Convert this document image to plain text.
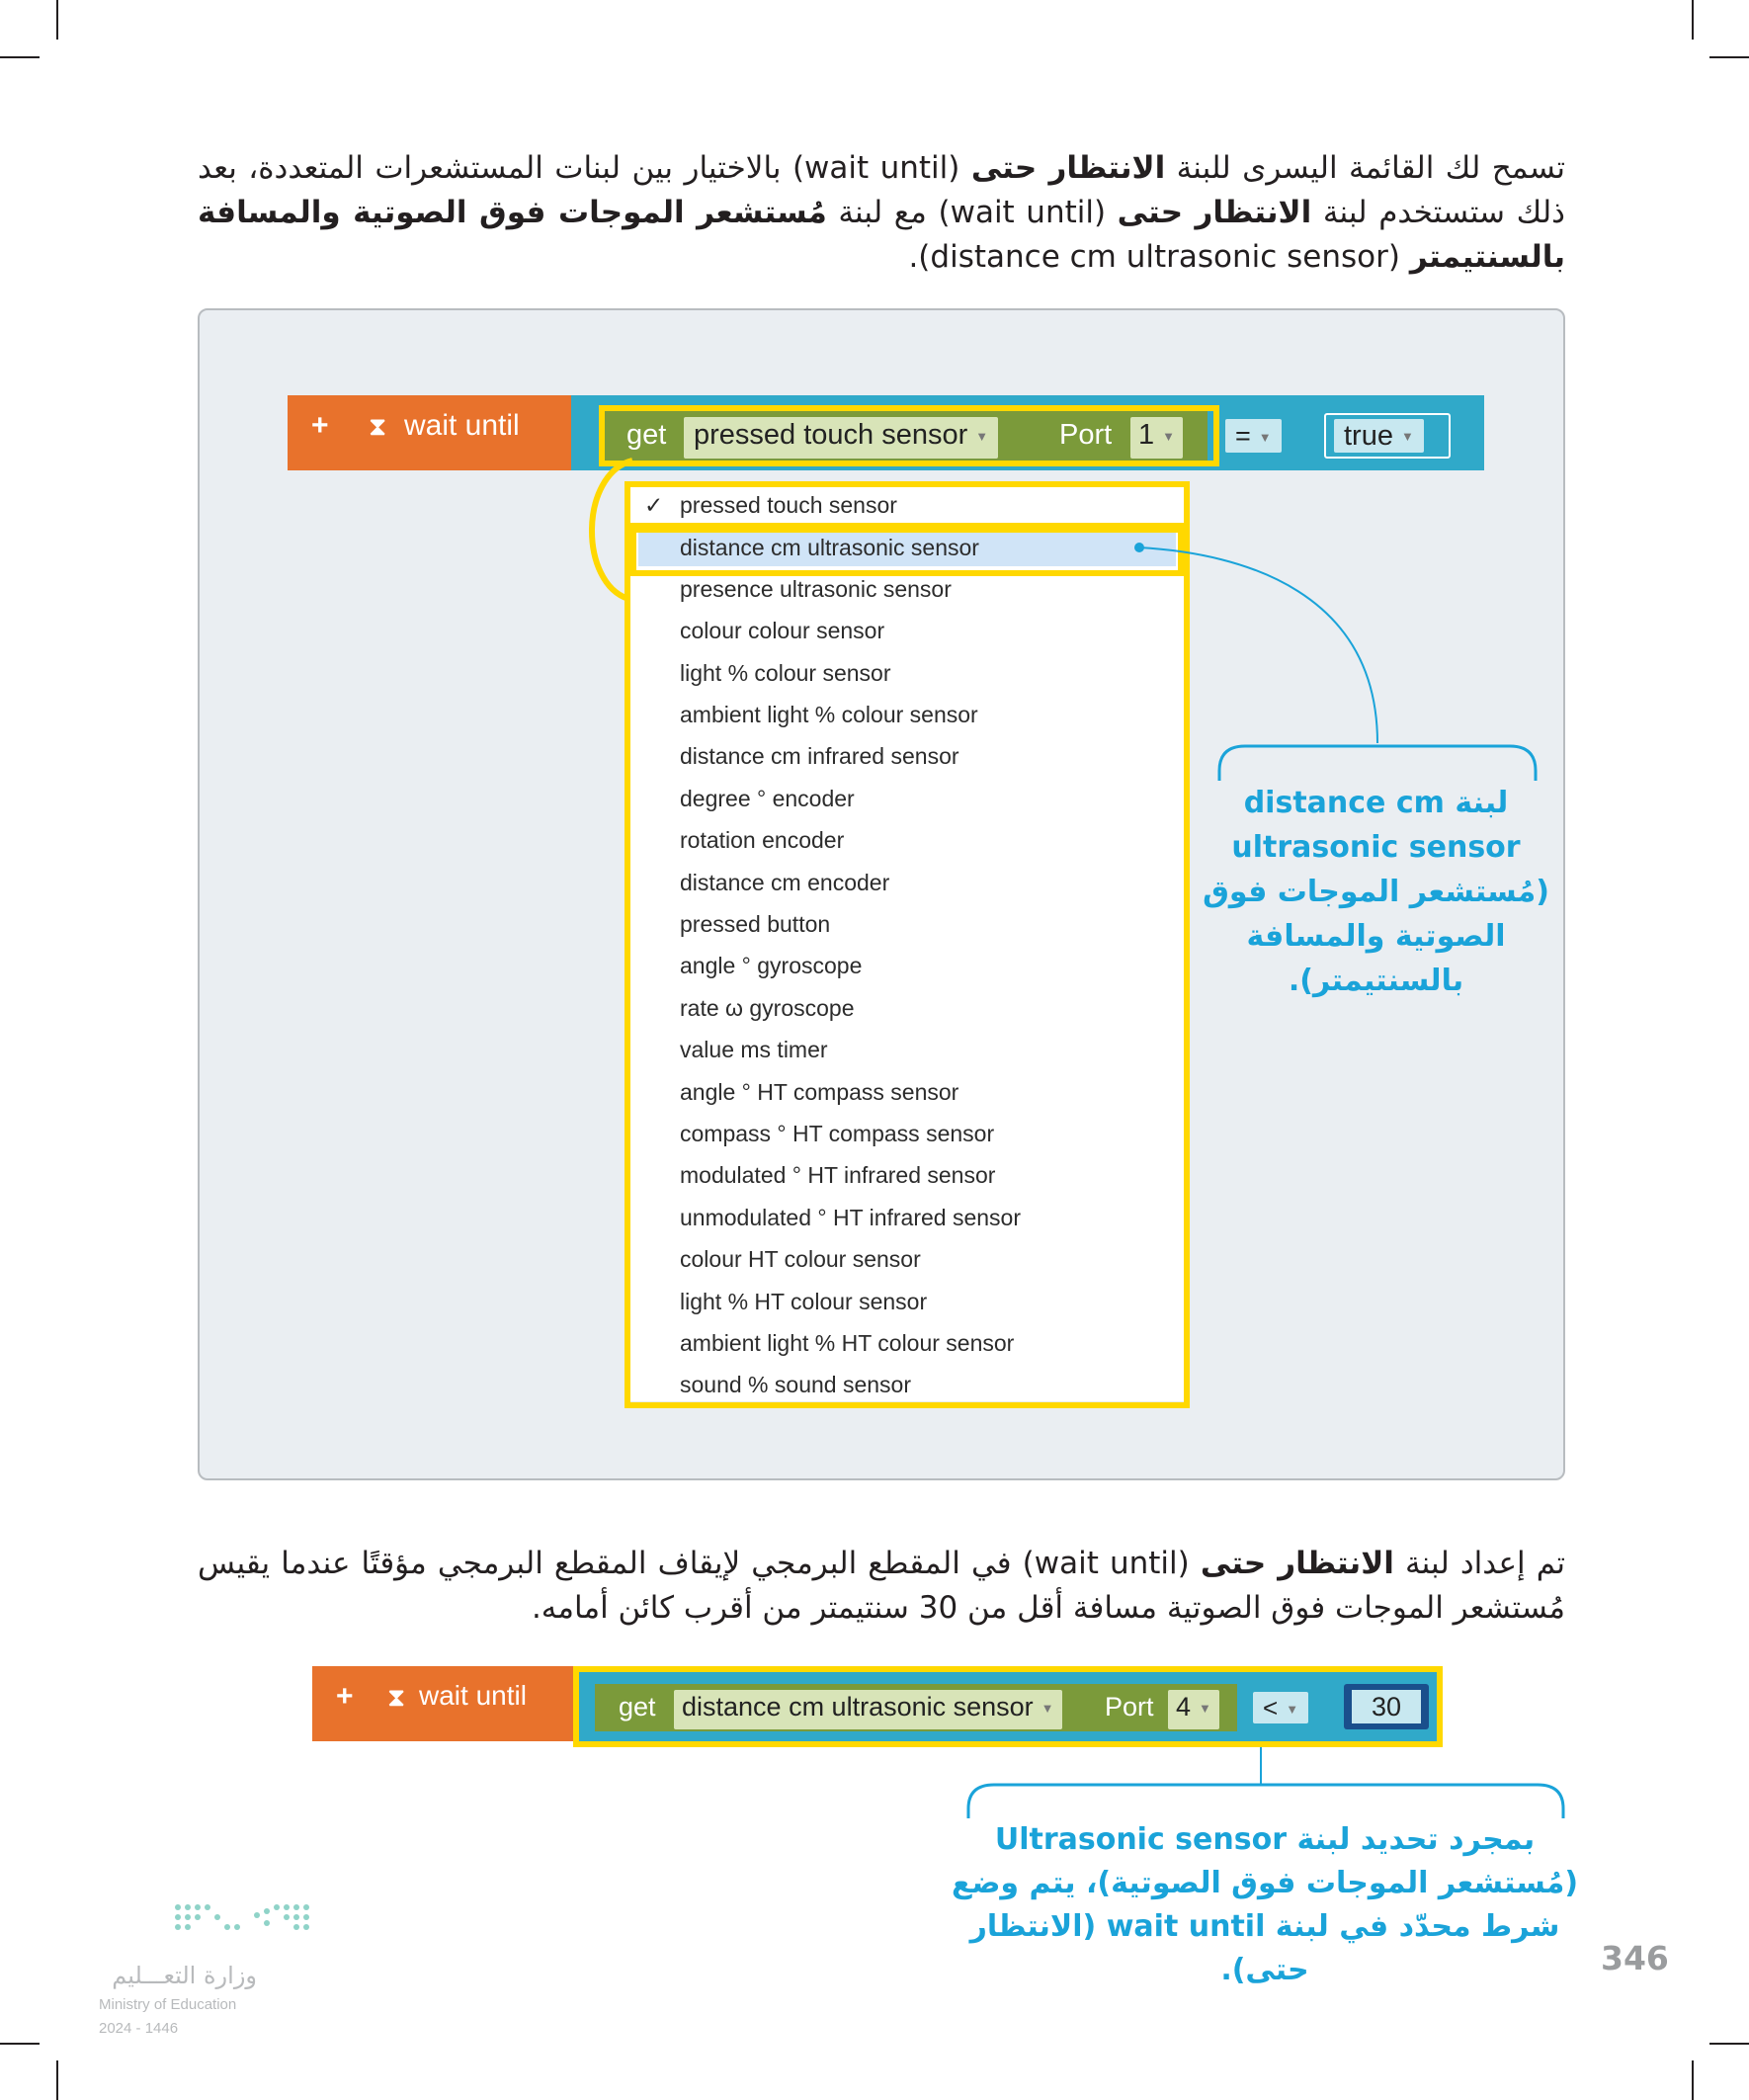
تسمح لك القائمة اليسرى للبنة الانتظار حتى (wait until) بالاختيار بين لبنات المستشعرات المتعددة، بعد ذلك ستستخدم لبنة الانتظار حتى (wait until) مع لبنة مُستشعر الموجات فوق الصوتية والمسافة بالسنتيمتر (distance cm ultrasonic sensor).
+ ⧗ wait until	get pressed touch sensor ▼	Port 1 ▼	= ▼	true ▼
✓ pressed touch sensor
distance cm ultrasonic sensor
presence ultrasonic sensor
colour colour sensor
light % colour sensor
ambient light % colour sensor
distance cm infrared sensor
degree ° encoder
rotation encoder
distance cm encoder
pressed button
angle ° gyroscope
rate ω gyroscope
value ms timer
angle ° HT compass sensor
compass ° HT compass sensor
modulated ° HT infrared sensor
unmodulated ° HT infrared sensor
colour HT colour sensor
light % HT colour sensor
ambient light % HT colour sensor
sound % sound sensor
لبنة distance cm
ultrasonic sensor
(مُستشعر الموجات فوق
الصوتية والمسافة
بالسنتيمتر).
تم إعداد لبنة الانتظار حتى (wait until) في المقطع البرمجي لإيقاف المقطع البرمجي مؤقتًا عندما يقيس مُستشعر الموجات فوق الصوتية مسافة أقل من 30 سنتيمتر من أقرب كائن أمامه.
+ ⧗ wait until	get distance cm ultrasonic sensor ▼ Port 4 ▼	< ▼	30
بمجرد تحديد لبنة Ultrasonic sensor
(مُستشعر الموجات فوق الصوتية)، يتم وضع
شرط محدّد في لبنة wait until (الانتظار حتى).
وزارة التعـــليم
Ministry of Education
2024 - 1446
346
